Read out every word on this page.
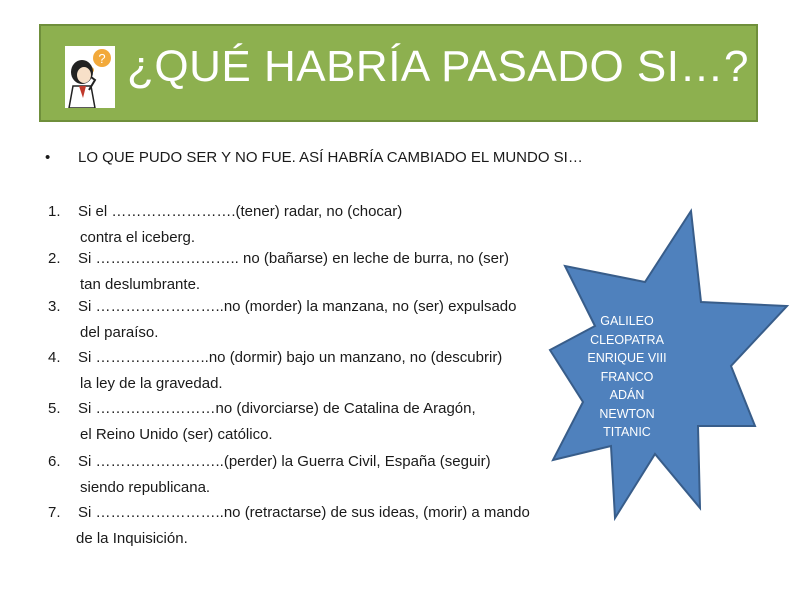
? ¿QUÉ HABRÍA PASADO SI…?
• LO QUE PUDO SER Y NO FUE. ASÍ HABRÍA CAMBIADO EL MUNDO SI…
1. Si el …………………….(tener) radar, no (chocar)
contra el iceberg.
2. Si ……………………….. no (bañarse) en leche de burra, no (ser)
tan deslumbrante.
3. Si ……………………..no (morder) la manzana, no (ser) expulsado
del paraíso.
4. Si …………………..no (dormir) bajo un manzano, no (descubrir)
la ley de la gravedad.
5. Si ……………………no (divorciarse) de Catalina de Aragón,
el Reino Unido (ser) católico.
6. Si ……………………..(perder) la Guerra Civil, España (seguir)
siendo republicana.
7. Si ……………………..no (retractarse) de sus ideas, (morir) a mando
de la Inquisición.
GALILEO
CLEOPATRA
ENRIQUE VIII
FRANCO
ADÁN
NEWTON
TITANIC
